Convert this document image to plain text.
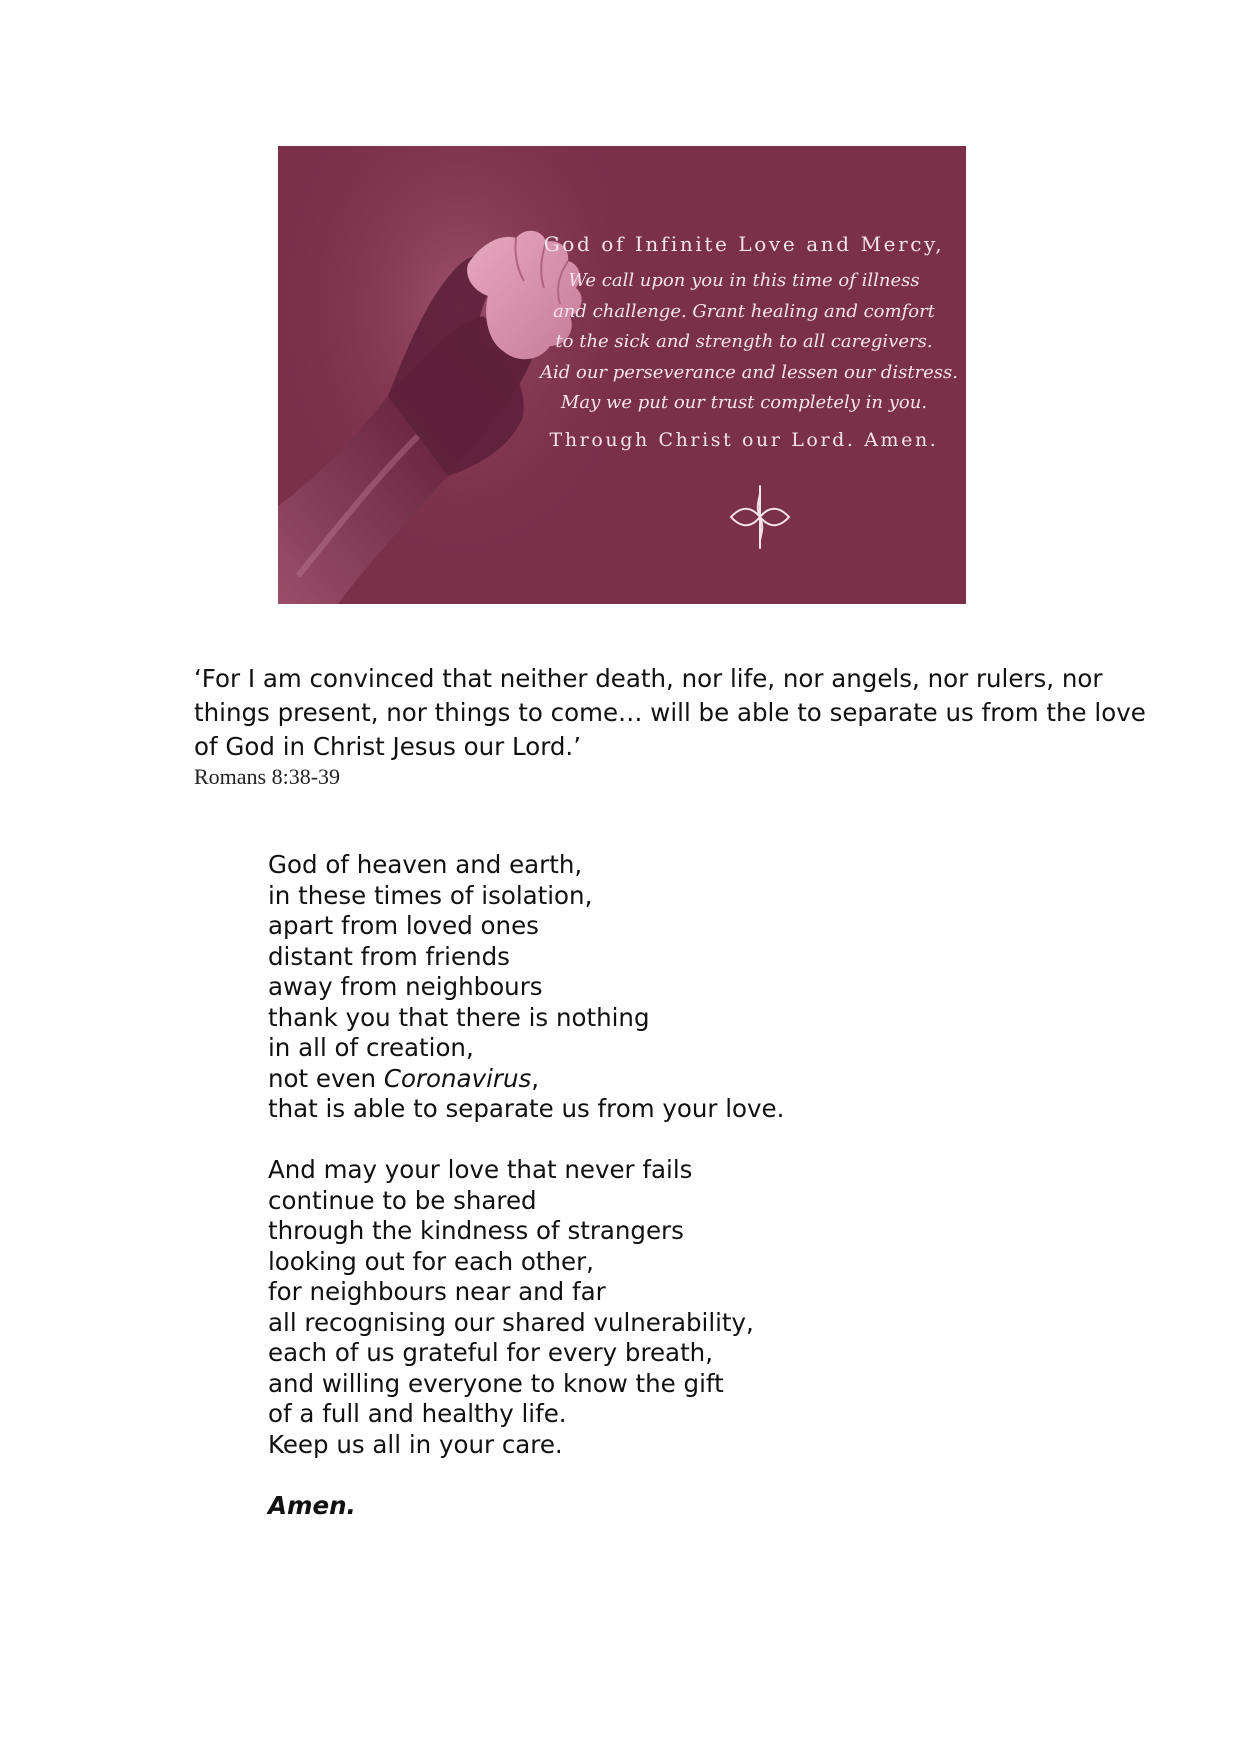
God of Infinite Love and Mercy,
We call upon you in this time of illness
and challenge. Grant healing and comfort
to the sick and strength to all caregivers.
Aid our perseverance and lessen our distress.
May we put our trust completely in you.
Through Christ our Lord. Amen.
‘For I am convinced that neither death, nor life, nor angels, nor rulers, nor
things present, nor things to come… will be able to separate us from the love
of God in Christ Jesus our Lord.’
Romans 8:38-39
God of heaven and earth,
in these times of isolation,
apart from loved ones
distant from friends
away from neighbours
thank you that there is nothing
in all of creation,
not even Coronavirus,
that is able to separate us from your love.
And may your love that never fails
continue to be shared
through the kindness of strangers
looking out for each other,
for neighbours near and far
all recognising our shared vulnerability,
each of us grateful for every breath,
and willing everyone to know the gift
of a full and healthy life.
Keep us all in your care.

Amen.
